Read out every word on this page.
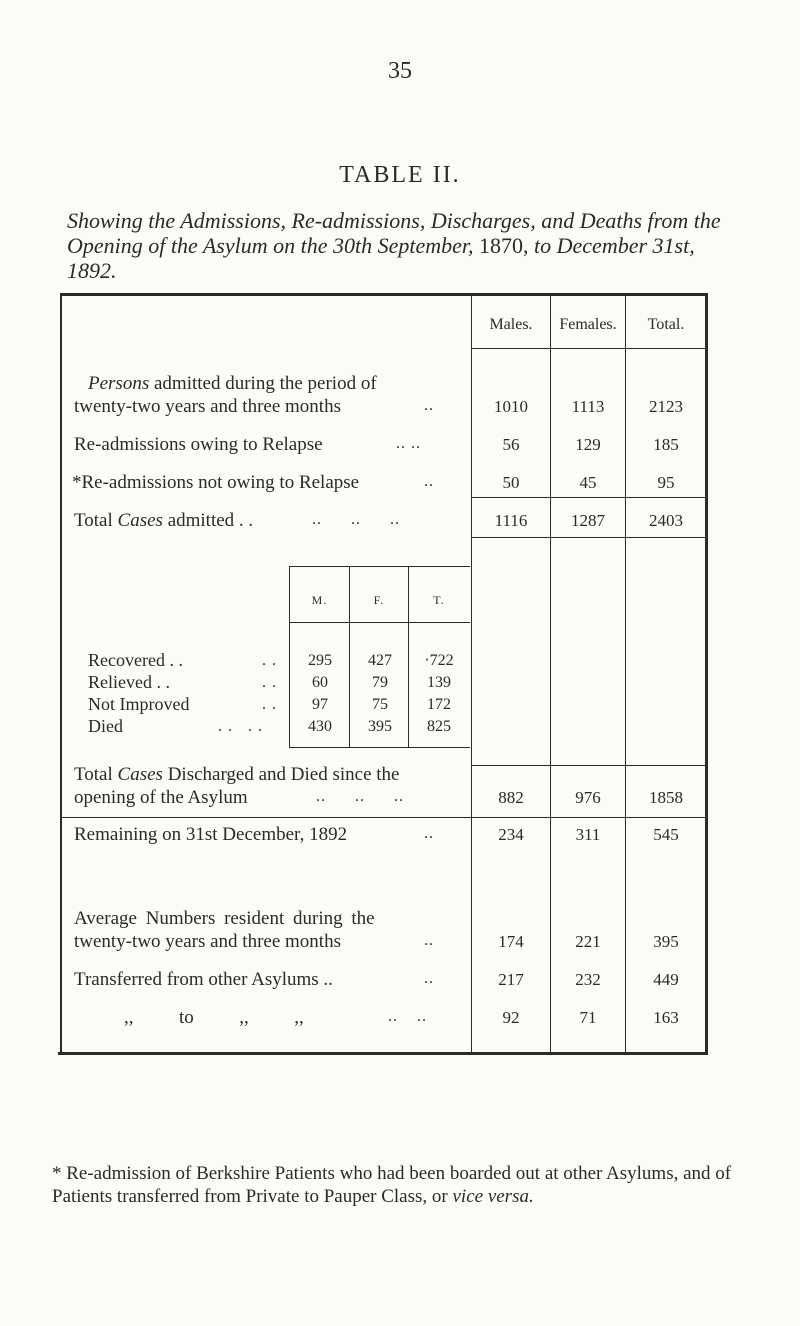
35
TABLE II.
Showing the Admissions, Re-admissions, Discharges, and Deaths from the Opening of the Asylum on the 30th September, 1870, to December 31st, 1892.
Males.	Females.	Total.
Persons admitted during the period of
twenty-two years and three months	..	1010	1113	2123
Re-admissions owing to Relapse	.. ..	56	129	185
*Re-admissions not owing to Relapse	..	50	45	95
Total Cases admitted . .	.. .. ..	1116	1287	2403
M.	F.	T.
Recovered . .	. .	295	427	·722
Relieved . .	. .	60	79	139
Not Improved	. .	97	75	172
Died	. .   . .	430	395	825
Total Cases Discharged and Died since the
opening of the Asylum	.. .. ..	882	976	1858
Remaining on 31st December, 1892	..	234	311	545
Average Numbers resident during the
twenty-two years and three months	..	174	221	395
Transferred from other Asylums ..	..	217	232	449
,,  to  ,,  ,,	.. ..	92	71	163
* Re-admission of Berkshire Patients who had been boarded out at other Asylums, and of Patients transferred from Private to Pauper Class, or vice versa.
